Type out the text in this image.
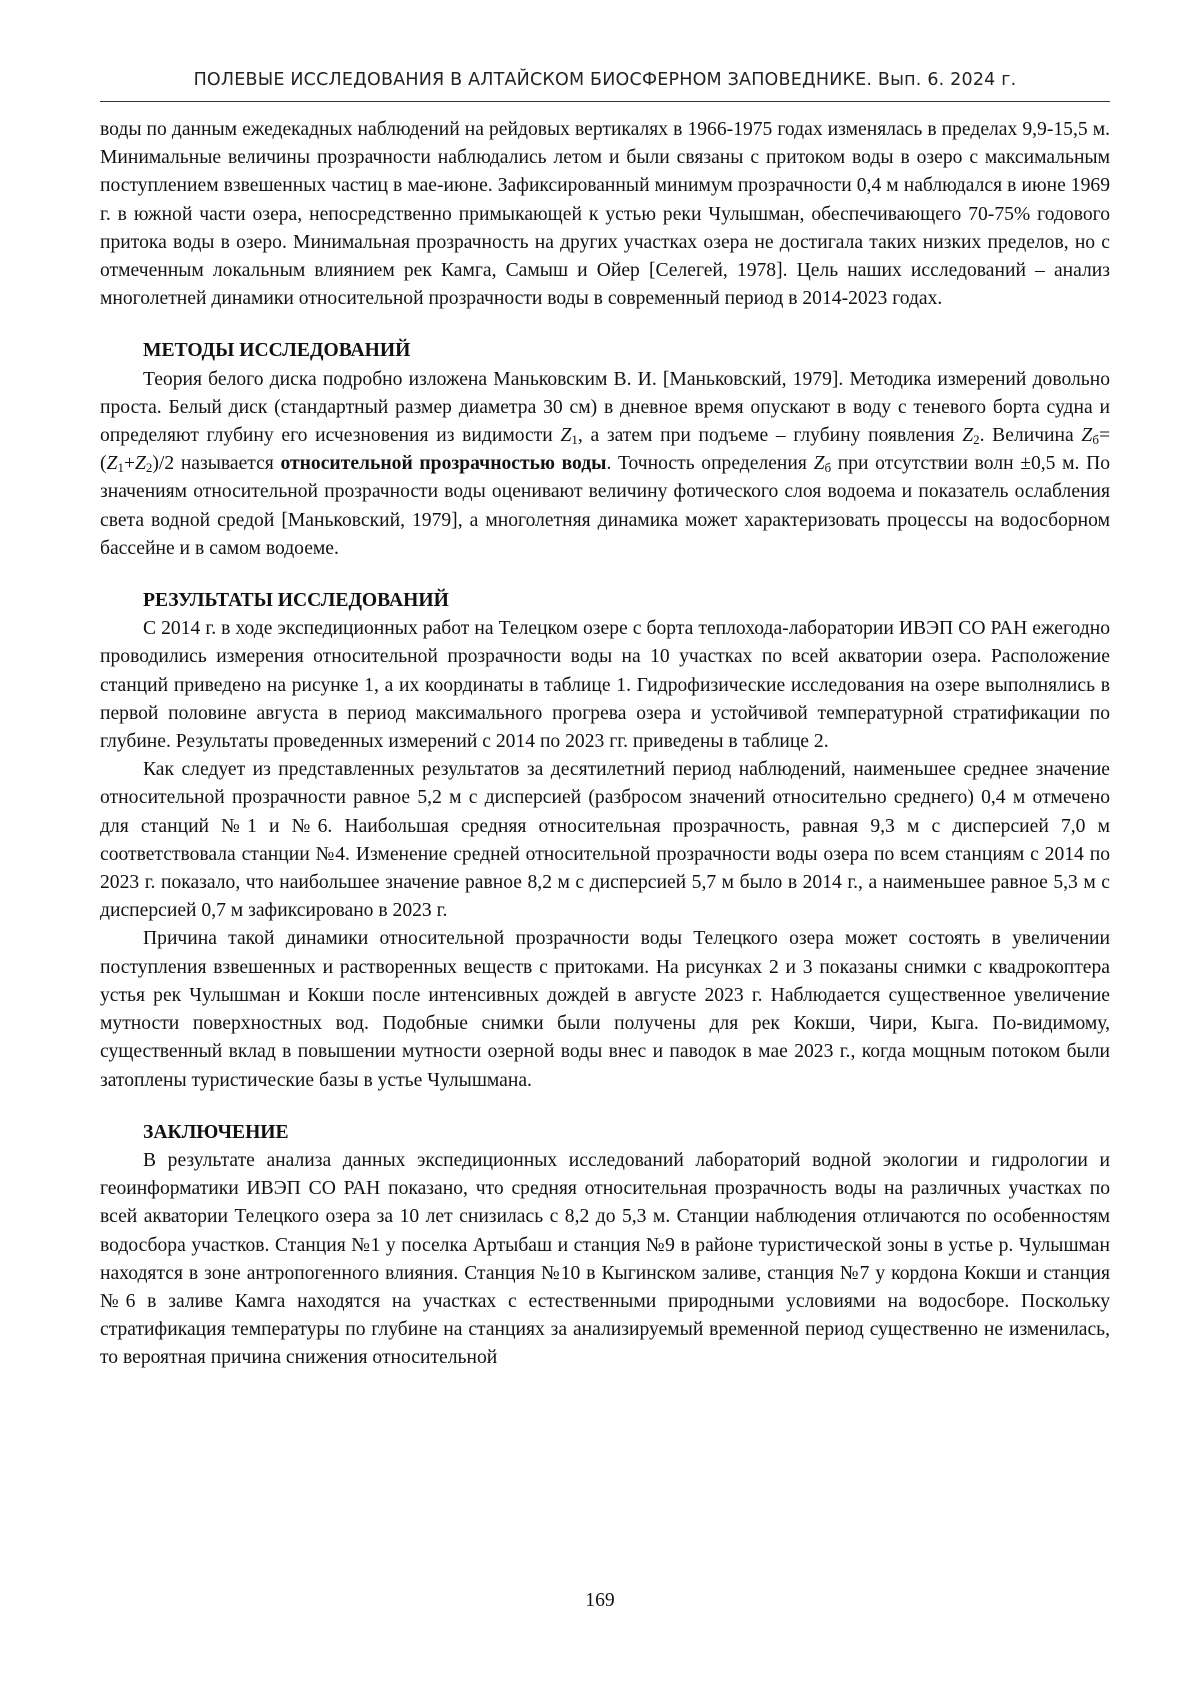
ПОЛЕВЫЕ ИССЛЕДОВАНИЯ В АЛТАЙСКОМ БИОСФЕРНОМ ЗАПОВЕДНИКЕ. Вып. 6. 2024 г.

воды по данным ежедекадных наблюдений на рейдовых вертикалях в 1966-1975 годах изменялась в пределах 9,9-15,5 м. Минимальные величины прозрачности наблюдались летом и были связаны с притоком воды в озеро с максимальным поступлением взвешенных частиц в мае-июне. Зафиксированный минимум прозрачности 0,4 м наблюдался в июне 1969 г. в южной части озера, непосредственно примыкающей к устью реки Чулышман, обеспечивающего 70-75% годового притока воды в озеро. Минимальная прозрачность на других участках озера не достигала таких низких пределов, но с отмеченным локальным влиянием рек Камга, Самыш и Ойер [Селегей, 1978]. Цель наших исследований – анализ многолетней динамики относительной прозрачности воды в современный период в 2014-2023 годах.

МЕТОДЫ ИССЛЕДОВАНИЙ

Теория белого диска подробно изложена Маньковским В. И. [Маньковский, 1979]. Методика измерений довольно проста. Белый диск (стандартный размер диаметра 30 см) в дневное время опускают в воду с теневого борта судна и определяют глубину его исчезновения из видимости $Z_1$, а затем при подъеме – глубину появления $Z_2$. Величина $Z_б=(Z_1+Z_2)/2$ называется относительной прозрачностью воды. Точность определения $Z_б$ при отсутствии волн ±0,5 м. По значениям относительной прозрачности воды оценивают величину фотического слоя водоема и показатель ослабления света водной средой [Маньковский, 1979], а многолетняя динамика может характеризовать процессы на водосборном бассейне и в самом водоеме.

РЕЗУЛЬТАТЫ ИССЛЕДОВАНИЙ

С 2014 г. в ходе экспедиционных работ на Телецком озере с борта теплохода-лаборатории ИВЭП СО РАН ежегодно проводились измерения относительной прозрачности воды на 10 участках по всей акватории озера. Расположение станций приведено на рисунке 1, а их координаты в таблице 1. Гидрофизические исследования на озере выполнялись в первой половине августа в период максимального прогрева озера и устойчивой температурной стратификации по глубине. Результаты проведенных измерений с 2014 по 2023 гг. приведены в таблице 2.

Как следует из представленных результатов за десятилетний период наблюдений, наименьшее среднее значение относительной прозрачности равное 5,2 м с дисперсией (разбросом значений относительно среднего) 0,4 м отмечено для станций №1 и №6. Наибольшая средняя относительная прозрачность, равная 9,3 м с дисперсией 7,0 м соответствовала станции №4. Изменение средней относительной прозрачности воды озера по всем станциям с 2014 по 2023 г. показало, что наибольшее значение равное 8,2 м с дисперсией 5,7 м было в 2014 г., а наименьшее равное 5,3 м с дисперсией 0,7 м зафиксировано в 2023 г.

Причина такой динамики относительной прозрачности воды Телецкого озера может состоять в увеличении поступления взвешенных и растворенных веществ с притоками. На рисунках 2 и 3 показаны снимки с квадрокоптера устья рек Чулышман и Кокши после интенсивных дождей в августе 2023 г. Наблюдается существенное увеличение мутности поверхностных вод. Подобные снимки были получены для рек Кокши, Чири, Кыга. По-видимому, существенный вклад в повышении мутности озерной воды внес и паводок в мае 2023 г., когда мощным потоком были затоплены туристические базы в устье Чулышмана.

ЗАКЛЮЧЕНИЕ

В результате анализа данных экспедиционных исследований лабораторий водной экологии и гидрологии и геоинформатики ИВЭП СО РАН показано, что средняя относительная прозрачность воды на различных участках по всей акватории Телецкого озера за 10 лет снизилась с 8,2 до 5,3 м. Станции наблюдения отличаются по особенностям водосбора участков. Станция №1 у поселка Артыбаш и станция №9 в районе туристической зоны в устье р. Чулышман находятся в зоне антропогенного влияния. Станция №10 в Кыгинском заливе, станция №7 у кордона Кокши и станция №6 в заливе Камга находятся на участках с естественными природными условиями на водосборе. Поскольку стратификация температуры по глубине на станциях за анализируемый временной период существенно не изменилась, то вероятная причина снижения относительной

169
